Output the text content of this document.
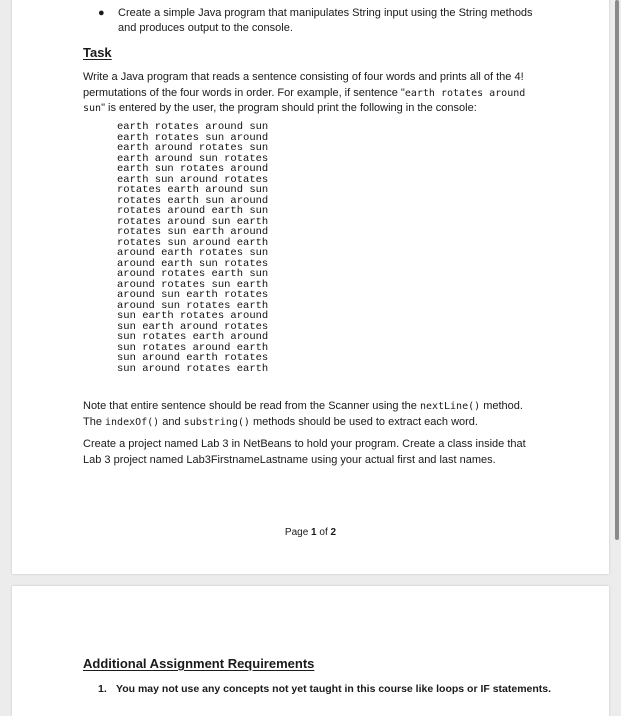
● Create a simple Java program that manipulates String input using the String methods
and produces output to the console.
Task
Write a Java program that reads a sentence consisting of four words and prints all of the 4! permutations of the four words in order. For example, if sentence "earth rotates around sun" is entered by the user, the program should print the following in the console:
earth rotates around sun
earth rotates sun around
earth around rotates sun
earth around sun rotates
earth sun rotates around
earth sun around rotates
rotates earth around sun
rotates earth sun around
rotates around earth sun
rotates around sun earth
rotates sun earth around
rotates sun around earth
around earth rotates sun
around earth sun rotates
around rotates earth sun
around rotates sun earth
around sun earth rotates
around sun rotates earth
sun earth rotates around
sun earth around rotates
sun rotates earth around
sun rotates around earth
sun around earth rotates
sun around rotates earth
Note that entire sentence should be read from the Scanner using the nextLine() method. The indexOf() and substring() methods should be used to extract each word.
Create a project named Lab 3 in NetBeans to hold your program. Create a class inside that Lab 3 project named Lab3FirstnameLastname using your actual first and last names.
Page 1 of 2
Additional Assignment Requirements
1. You may not use any concepts not yet taught in this course like loops or IF statements.
